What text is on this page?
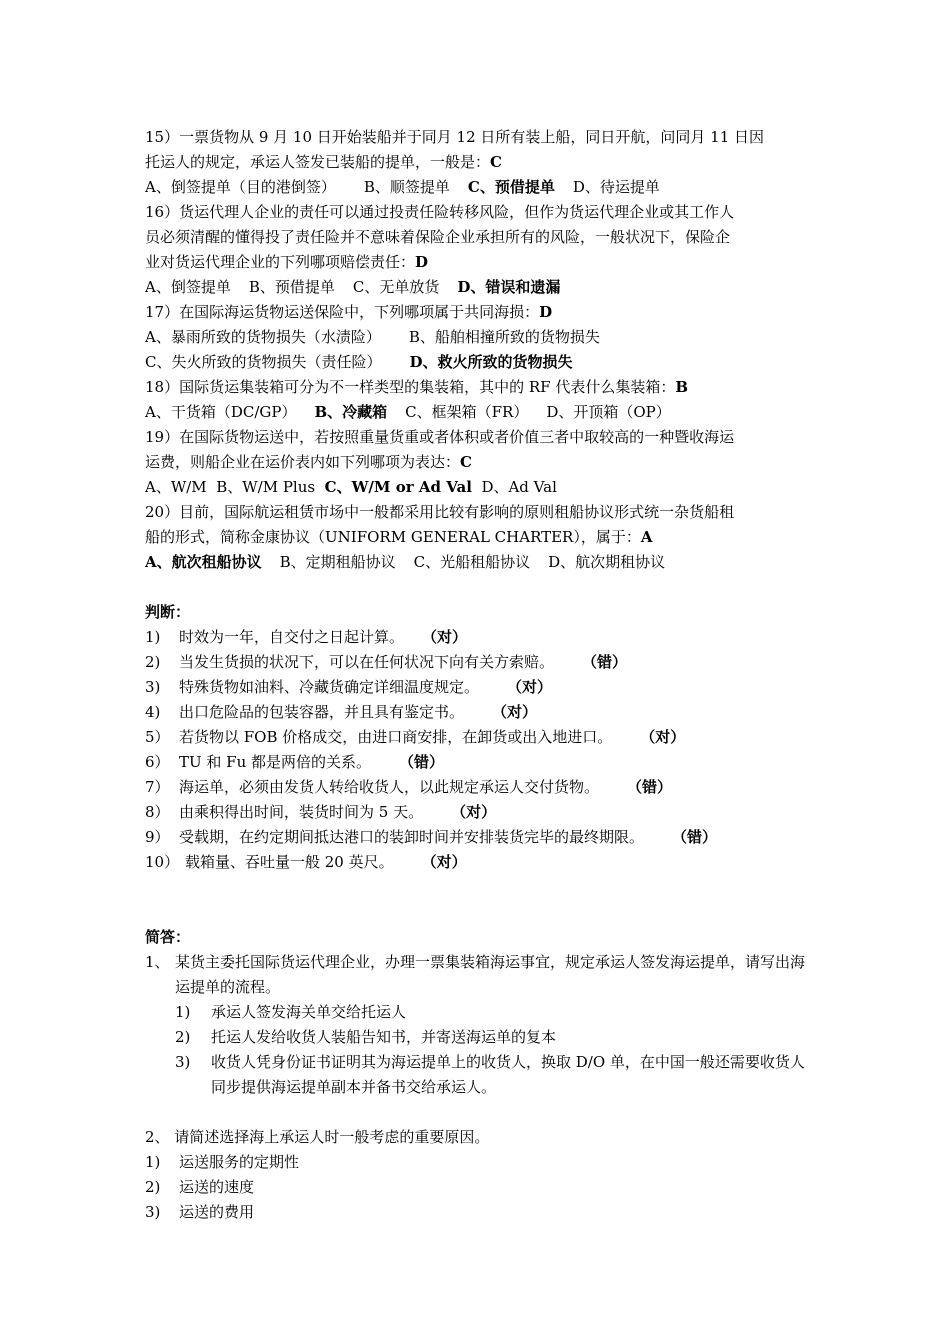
15）一票货物从 9 月 10 日开始装船并于同月 12 日所有装上船，同日开航，问同月 11 日因
托运人的规定，承运人签发已装船的提单，一般是：C
A、倒签提单（目的港倒签） B、顺签提单 C、预借提单 D、待运提单
16）货运代理人企业的责任可以通过投责任险转移风险，但作为货运代理企业或其工作人
员必须清醒的懂得投了责任险并不意味着保险企业承担所有的风险，一般状况下，保险企
业对货运代理企业的下列哪项赔偿责任：D
A、倒签提单 B、预借提单 C、无单放货 D、错误和遗漏
17）在国际海运货物运送保险中，下列哪项属于共同海损：D
A、暴雨所致的货物损失（水渍险） B、船舶相撞所致的货物损失
C、失火所致的货物损失（责任险） D、救火所致的货物损失
18）国际货运集装箱可分为不一样类型的集装箱，其中的 RF 代表什么集装箱：B
A、干货箱（DC/GP） B、冷藏箱 C、框架箱（FR） D、开顶箱（OP）
19）在国际货物运送中，若按照重量货重或者体积或者价值三者中取较高的一种暨收海运
运费，则船企业在运价表内如下列哪项为表达：C
A、W/M B、W/M Plus C、W/M or Ad Val D、Ad Val
20）目前，国际航运租赁市场中一般都采用比较有影响的原则租船协议形式统一杂货船租
船的形式，简称金康协议（UNIFORM GENERAL CHARTER），属于：A
A、航次租船协议 B、定期租船协议 C、光船租船协议 D、航次期租协议
判断：
1) 时效为一年，自交付之日起计算。 （对）
2) 当发生货损的状况下，可以在任何状况下向有关方索赔。 （错）
3) 特殊货物如油料、冷藏货确定详细温度规定。 （对）
4) 出口危险品的包装容器，并且具有鉴定书。 （对）
5） 若货物以 FOB 价格成交，由进口商安排，在卸货或出入地进口。 （对）
6） TU 和 Fu 都是两倍的关系。 （错）
7） 海运单，必须由发货人转给收货人，以此规定承运人交付货物。 （错）
8） 由乘积得出时间，装货时间为 5 天。 （对）
9） 受载期，在约定期间抵达港口的装卸时间并安排装货完毕的最终期限。 （错）
10） 载箱量、吞吐量一般 20 英尺。 （对）
简答：
1、 某货主委托国际货运代理企业，办理一票集装箱海运事宜，规定承运人签发海运提单，请写出海运提单的流程。
1)	承运人签发海关单交给托运人
2)	托运人发给收货人装船告知书，并寄送海运单的复本
3)	收货人凭身份证书证明其为海运提单上的收货人，换取 D/O 单，在中国一般还需要收货人同步提供海运提单副本并备书交给承运人。
2、 请简述选择海上承运人时一般考虑的重要原因。
1) 运送服务的定期性
2) 运送的速度
3) 运送的费用
